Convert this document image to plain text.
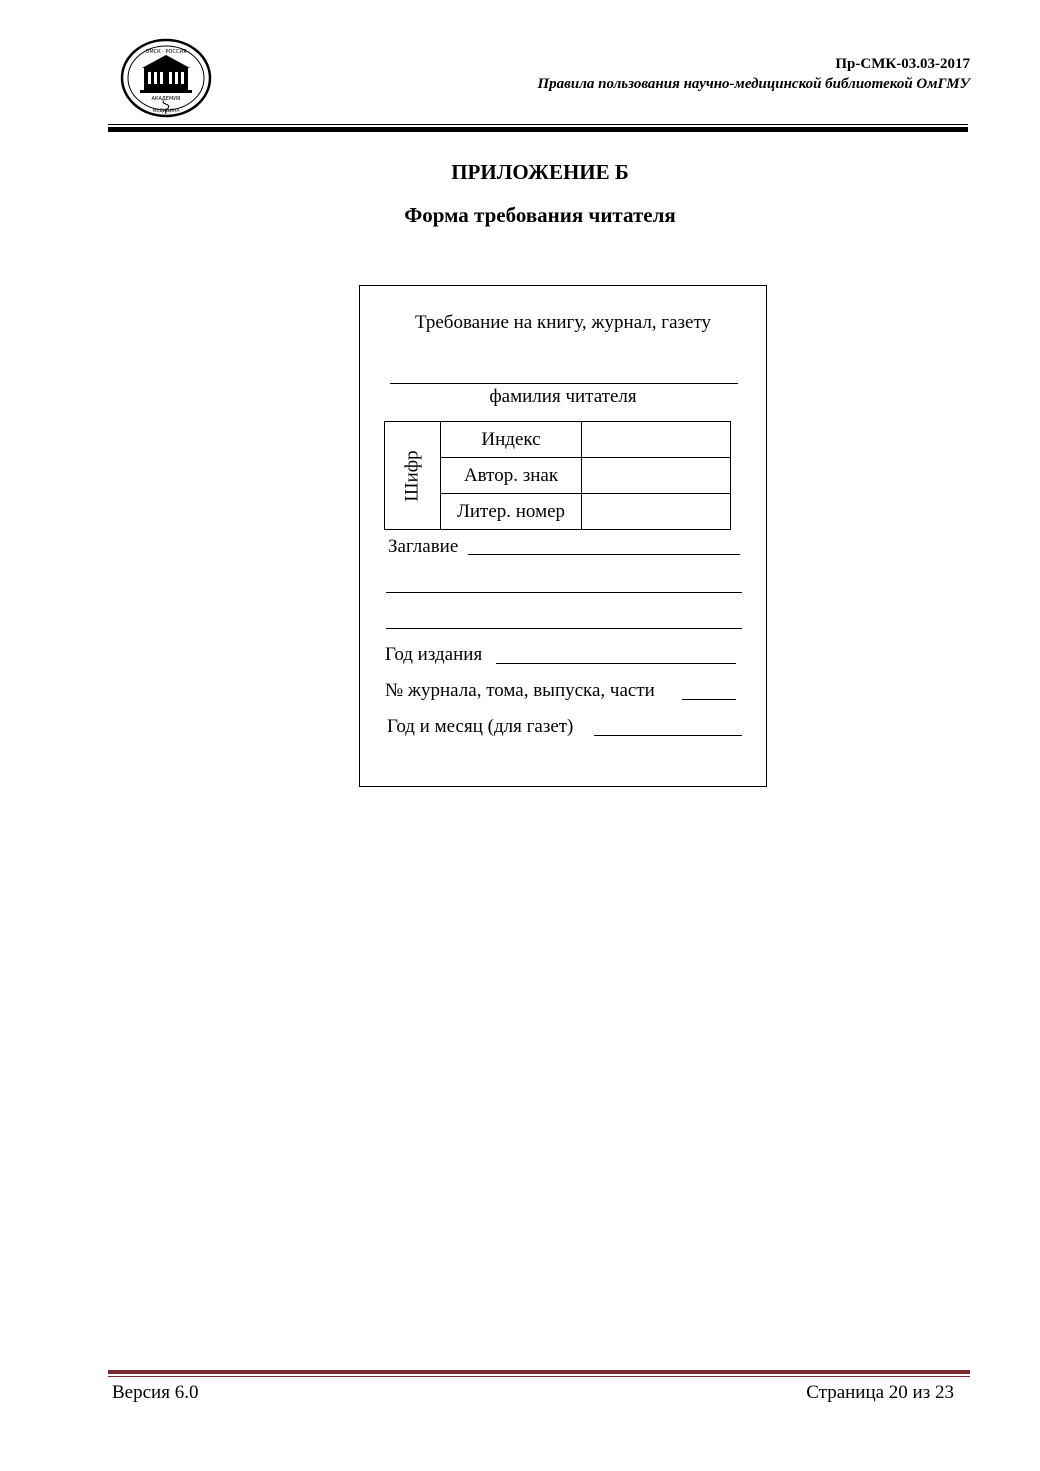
ОМСК · РОССИЯ
АКАДЕМИЯ
МЕДИЦИНА
Пр-СМК-03.03-2017
Правила пользования научно-медицинской библиотекой ОмГМУ
ПРИЛОЖЕНИЕ Б
Форма требования читателя
Требование на книгу, журнал, газету
фамилия читателя
Шифр	Индекс	
	Автор. знак	
	Литер. номер	
Заглавие
Год издания
№ журнала, тома, выпуска, части
Год и месяц (для газет)
Версия 6.0	Страница 20 из 23
